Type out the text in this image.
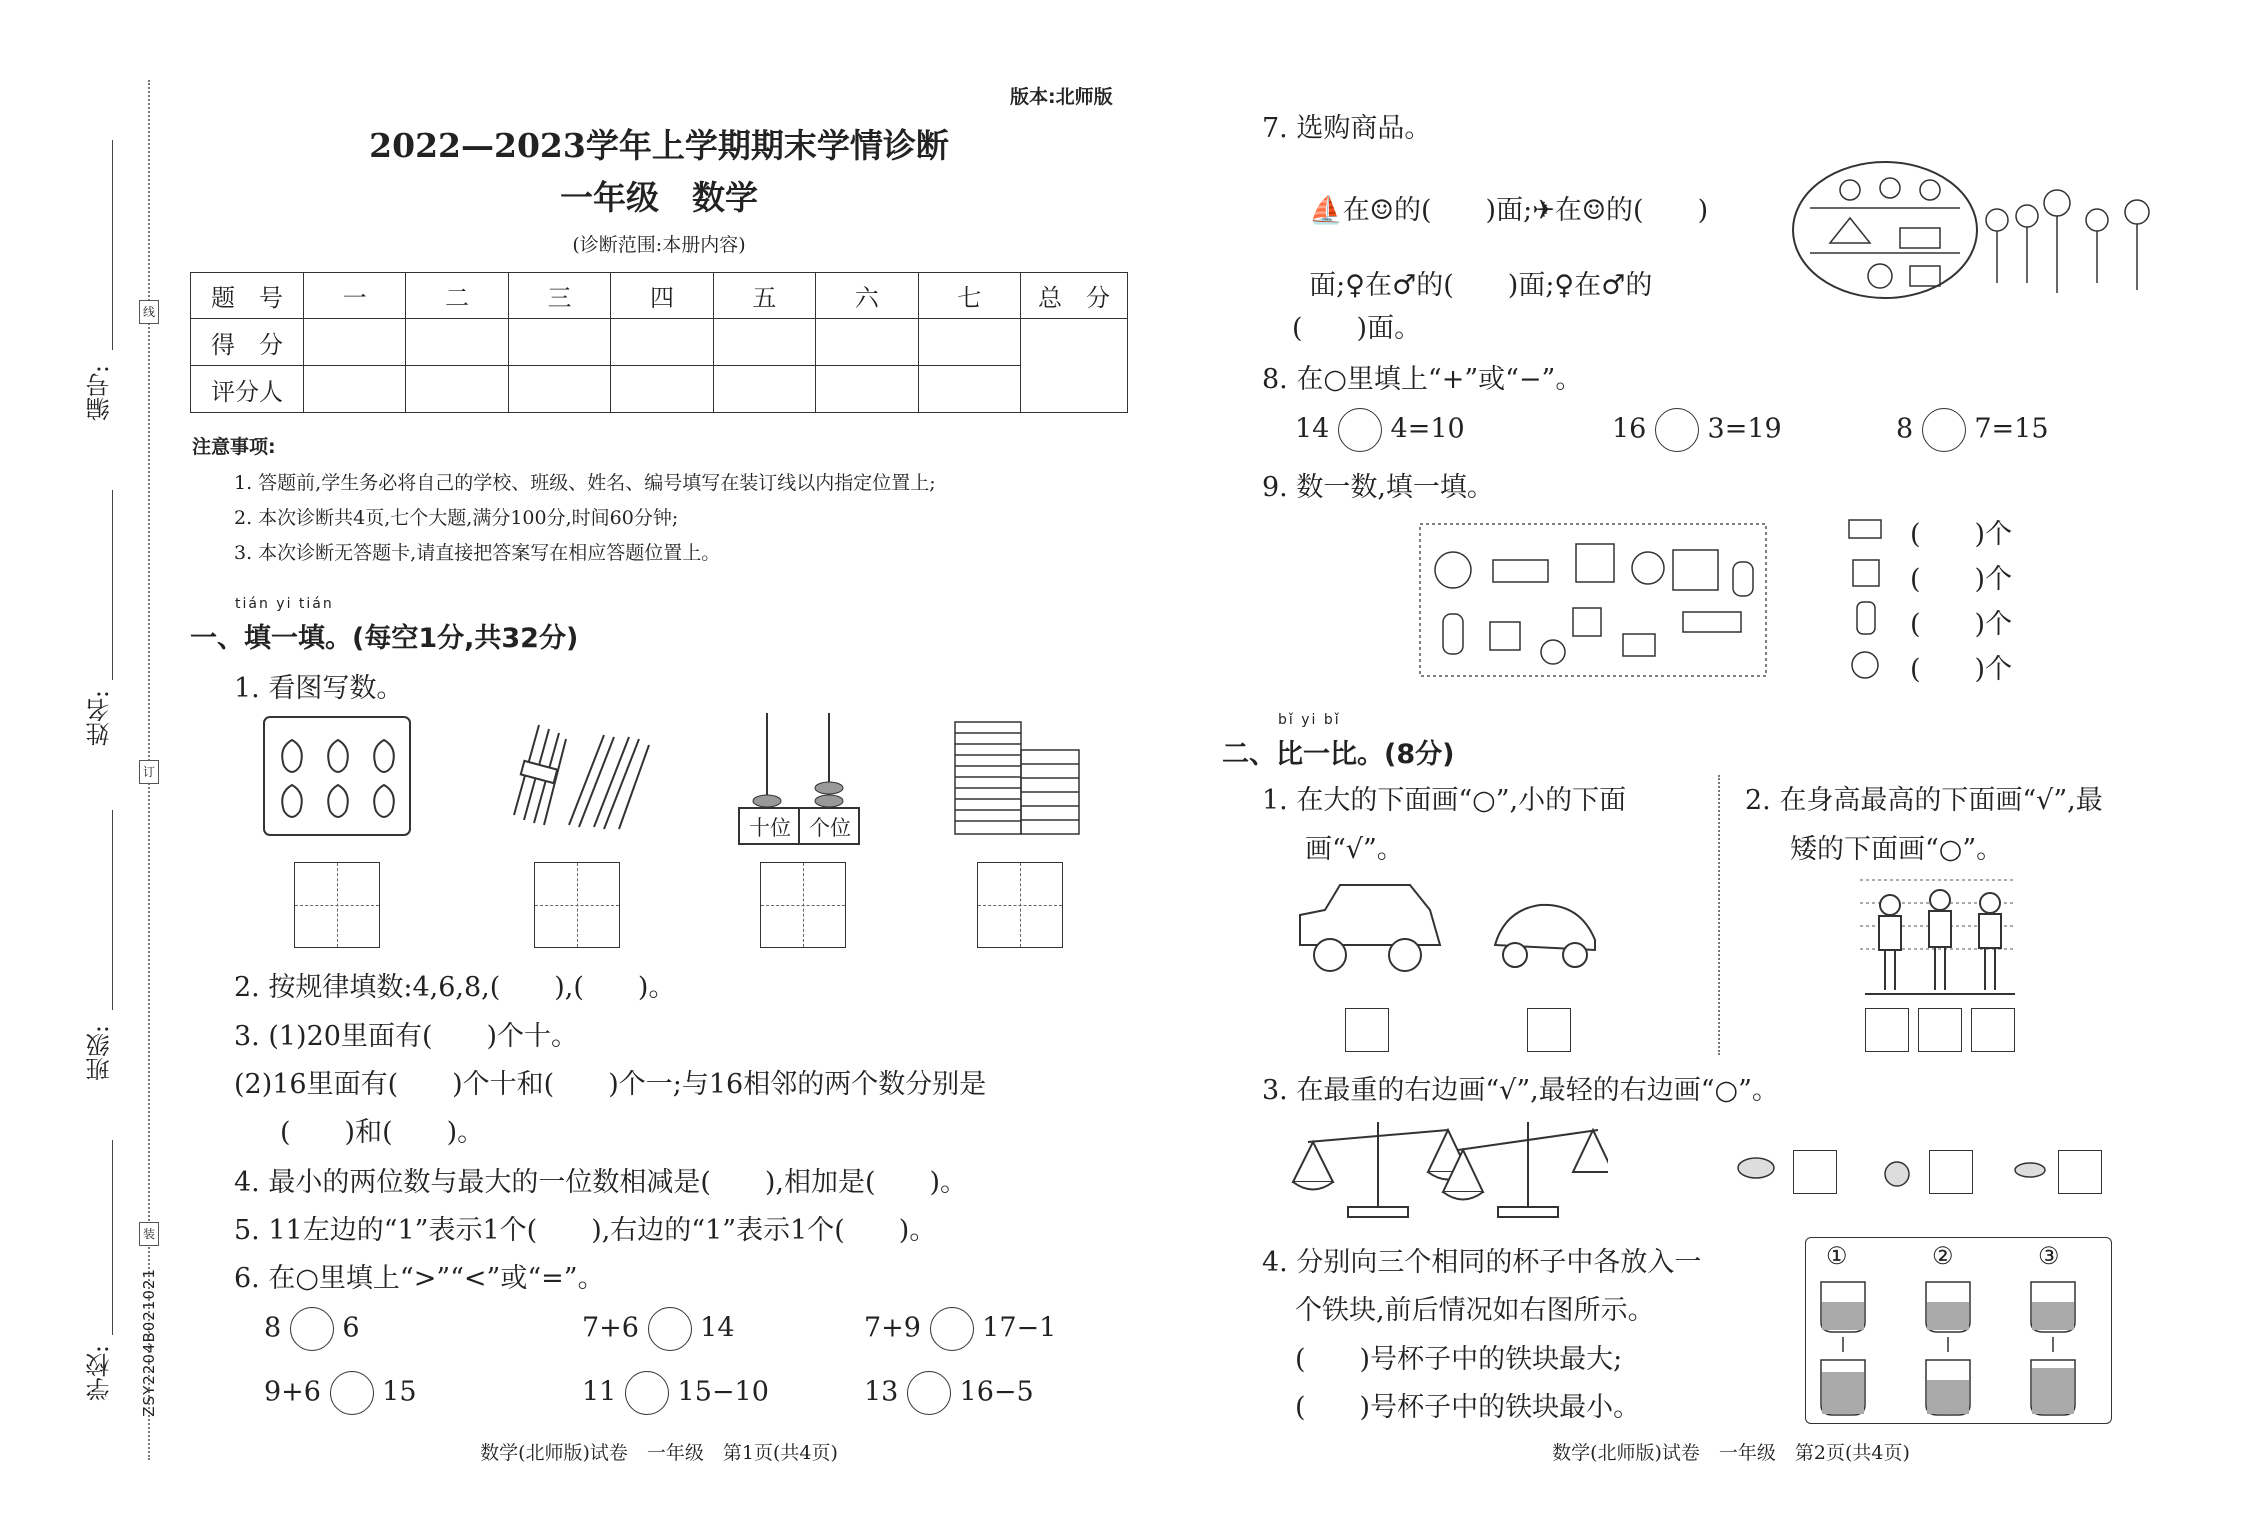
线
订
装
编号:
姓名:
班级:
学校: ZSY2204B021021
版本:北师版
2022—2023学年上学期期末学情诊断
一年级　数学
(诊断范围:本册内容)
题　号	一	二	三	四	五	六	七	总　分
得　分								
评分人								
注意事项:
1. 答题前,学生务必将自己的学校、班级、姓名、编号填写在装订线以内指定位置上;
2. 本次诊断共4页,七个大题,满分100分,时间60分钟;
3. 本次诊断无答题卡,请直接把答案写在相应答题位置上。
tián yi tián
一、填一填。(每空1分,共32分)
1. 看图写数。
十位 个位
2. 按规律填数:4,6,8,(　　),(　　)。
3. (1)20里面有(　　)个十。
(2)16里面有(　　)个十和(　　)个一;与16相邻的两个数分别是
(　　)和(　　)。
4. 最小的两位数与最大的一位数相减是(　　),相加是(　　)。
5. 11左边的“1”表示1个(　　),右边的“1”表示1个(　　)。
6. 在○里填上“>”“<”或“=”。
8 6	7+6 14	7+9 17−1
9+6 15	11 15−10	13 16−5
数学(北师版)试卷　一年级　第1页(共4页)
7. 选购商品。

⛵在☺的(　　)面;✈在☺的(　　)

面;♀在♂的(　　)面;♀在♂的

(　　)面。
8. 在○里填上“+”或“−”。
14 4=10	16 3=19	8 7=15
9. 数一数,填一填。
(　　)个
(　　)个
(　　)个
(　　)个
bǐ yi bǐ
二、比一比。(8分)
1. 在大的下面画“○”,小的下面
画“√”。
2. 在身高最高的下面画“√”,最
矮的下面画“○”。
3. 在最重的右边画“√”,最轻的右边画“○”。
4. 分别向三个相同的杯子中各放入一
个铁块,前后情况如右图所示。
(　　)号杯子中的铁块最大;
(　　)号杯子中的铁块最小。
①	②	③
数学(北师版)试卷　一年级　第2页(共4页)
